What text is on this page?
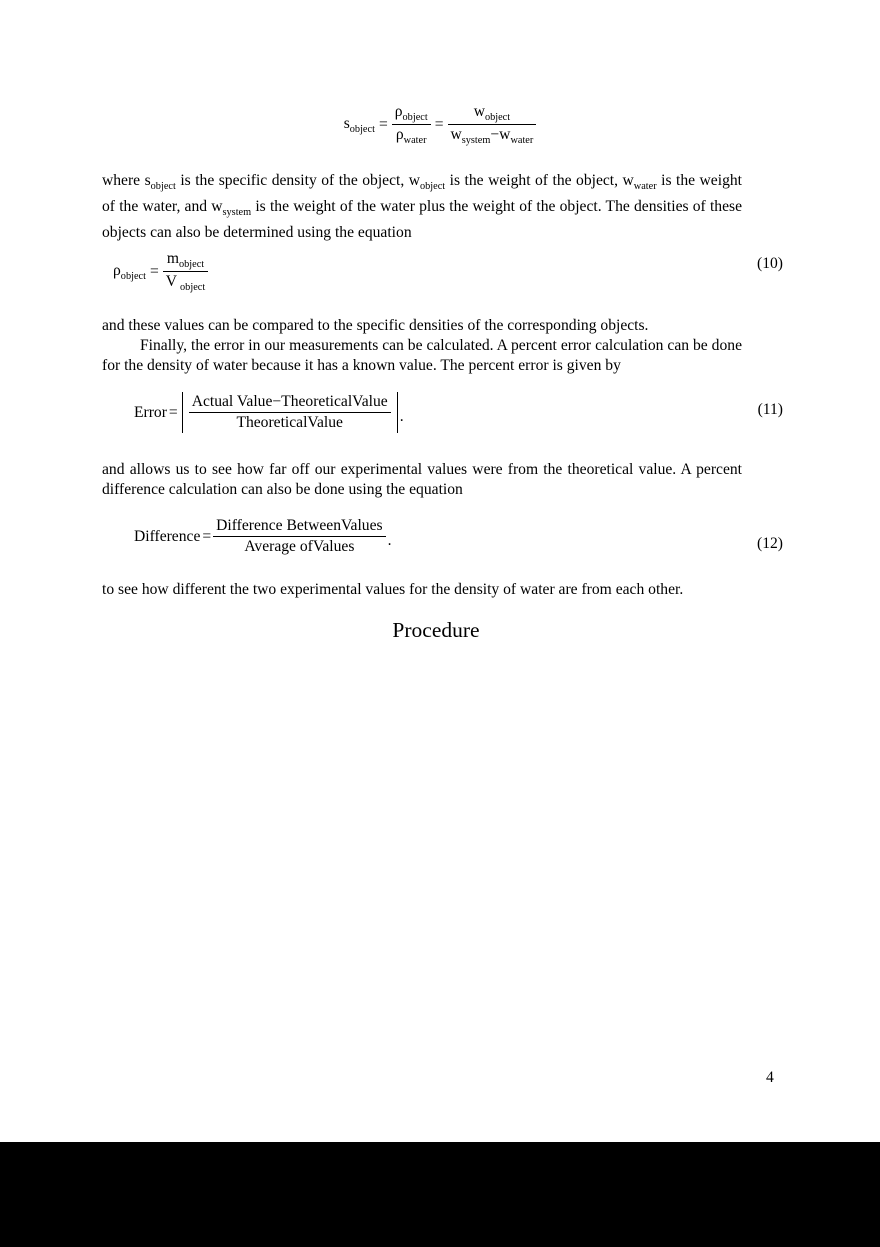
$s_{object} = \frac{\rho_{object}}{\rho_{water}} = \frac{w_{object}}{w_{system}-w_{water}}$

where $s_{object}$ is the specific density of the object, $w_{object}$ is the weight of the object, $w_{water}$ is the weight of the water, and $w_{system}$ is the weight of the water plus the weight of the object. The densities of these objects can also be determined using the equation

$\rho_{object} = \frac{m_{object}}{V _{object}}$	(10)

and these values can be compared to the specific densities of the corresponding objects.

Finally, the error in our measurements can be calculated. A percent error calculation can be done for the density of water because it has a known value. The percent error is given by

Error = $\frac{\text{Actual Value−TheoreticalValue}}{\text{TheoreticalValue}}$ .	(11)

and allows us to see how far off our experimental values were from the theoretical value. A percent difference calculation can also be done using the equation

Difference = $\frac{\text{Difference BetweenValues}}{\text{Average ofValues}}$ .	(12)

to see how different the two experimental values for the density of water are from each other.

Procedure
4
